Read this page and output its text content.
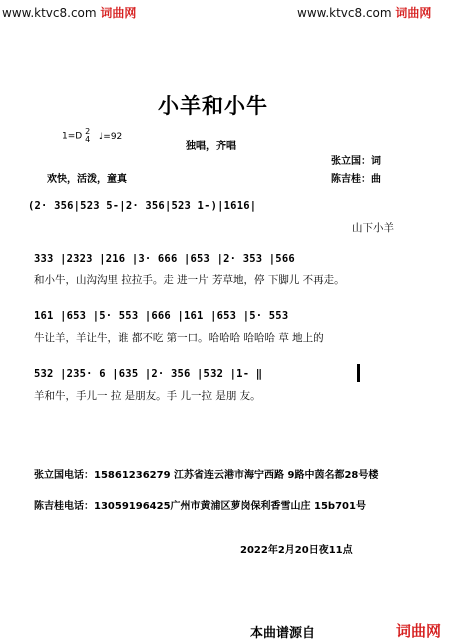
www.ktvc8.com 词曲网	www.ktvc8.com 词曲网
小羊和小牛
1=D 2
4 ♩=92
独唱，齐唱
张立国：词
欢快，活泼，童真	陈吉桂：曲
(2· 356|523 5-|2· 356|523 1-)|1616|
山下小羊
333 |2323 |216 |3· 666 |653 |2· 353 |566
和小牛，山沟沟里 拉拉手。走 进一片 芳草地，停 下脚儿 不再走。
161 |653 |5· 553 |666 |161 |653 |5· 553
牛让羊，羊让牛，谁 都不吃 第一口。哈哈哈 哈哈哈 草 地上的
532 |235· 6 |635 |2· 356 |532 |1- ‖
羊和牛，手儿一 拉 是朋友。手 儿一拉 是朋 友。
张立国电话：15861236279 江苏省连云港市海宁西路 9路中茵名都28号楼
陈吉桂电话：13059196425广州市黄浦区萝岗保利香雪山庄 15b701号
2022年2月20日夜11点
本曲谱源自	词曲网
